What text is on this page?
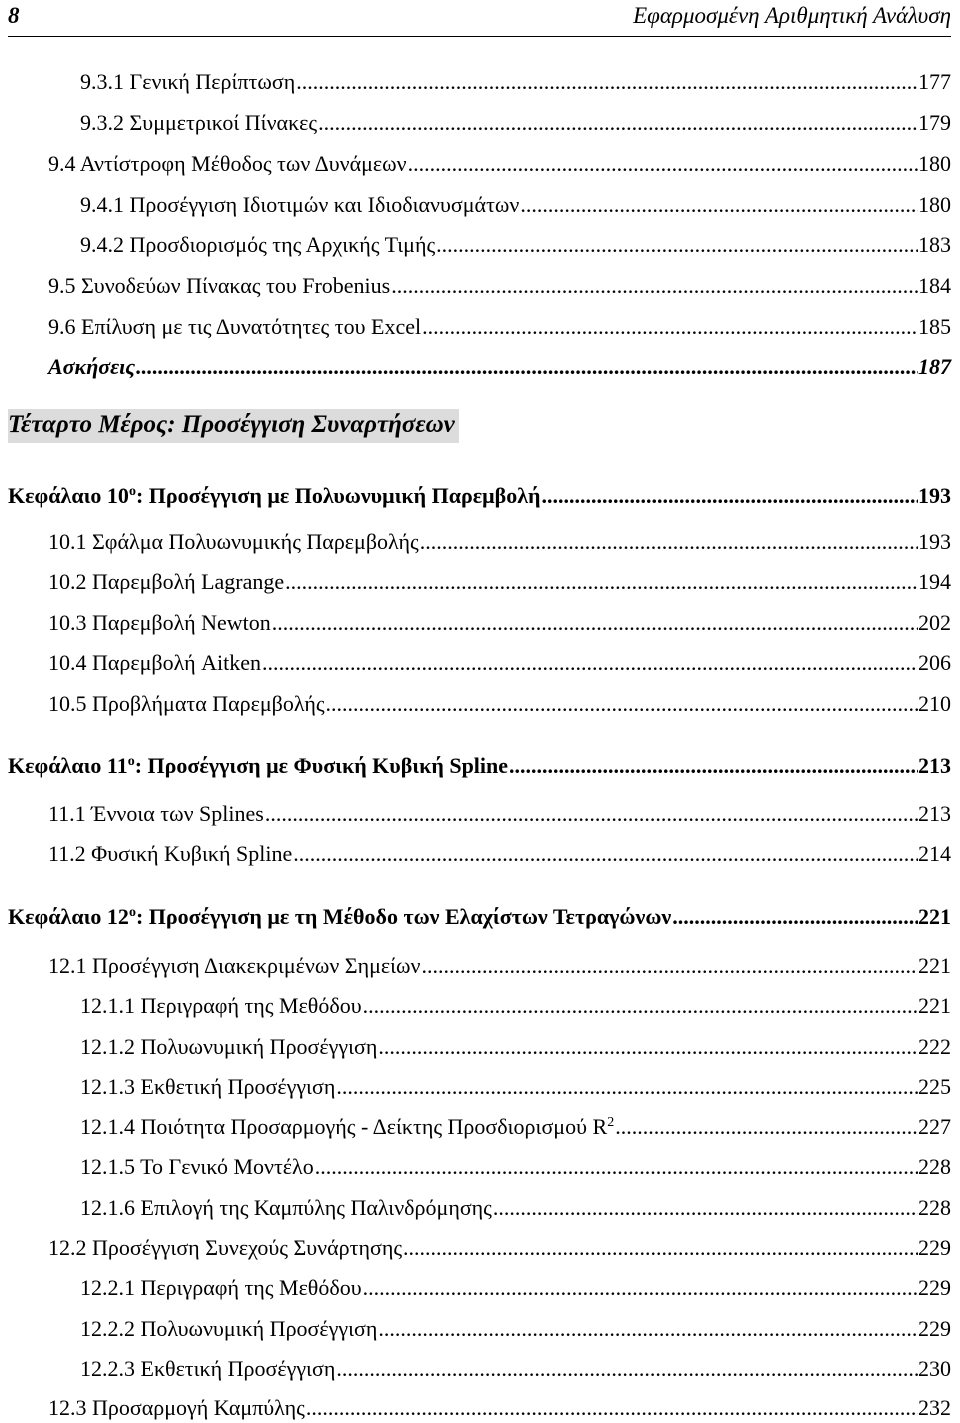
8	Εφαρμοσμένη Αριθμητική Ανάλυση
9.3.1 Γενική Περίπτωση .....	177
9.3.2 Συμμετρικοί Πίνακες .....	179
9.4 Αντίστροφη Μέθοδος των Δυνάμεων .....	180
9.4.1 Προσέγγιση Ιδιοτιμών και Ιδιοδιανυσμάτων .....	180
9.4.2 Προσδιορισμός της Αρχικής Τιμής .....	183
9.5 Συνοδεύων Πίνακας του Frobenius .....	184
9.6 Επίλυση με τις Δυνατότητες του Excel .....	185
Ασκήσεις .....	187
Τέταρτο Μέρος: Προσέγγιση Συναρτήσεων
Κεφάλαιο $10^o$: Προσέγγιση με Πολυωνυμική Παρεμβολή .....	193
10.1 Σφάλμα Πολυωνυμικής Παρεμβολής .....	193
10.2 Παρεμβολή Lagrange .....	194
10.3 Παρεμβολή Newton .....	202
10.4 Παρεμβολή Aitken .....	206
10.5 Προβλήματα Παρεμβολής .....	210
Κεφάλαιο $11^o$: Προσέγγιση με Φυσική Κυβική Spline .....	213
11.1 Έννοια των Splines .....	213
11.2 Φυσική Κυβική Spline .....	214
Κεφάλαιο $12^o$: Προσέγγιση με τη Μέθοδο των Ελαχίστων Τετραγώνων .....	221
12.1 Προσέγγιση Διακεκριμένων Σημείων .....	221
12.1.1 Περιγραφή της Μεθόδου .....	221
12.1.2 Πολυωνυμική Προσέγγιση .....	222
12.1.3 Εκθετική Προσέγγιση .....	225
12.1.4 Ποιότητα Προσαρμογής - Δείκτης Προσδιορισμού $R^2$ .....	227
12.1.5 Το Γενικό Μοντέλο .....	228
12.1.6 Επιλογή της Καμπύλης Παλινδρόμησης .....	228
12.2 Προσέγγιση Συνεχούς Συνάρτησης .....	229
12.2.1 Περιγραφή της Μεθόδου .....	229
12.2.2 Πολυωνυμική Προσέγγιση .....	229
12.2.3 Εκθετική Προσέγγιση .....	230
12.3 Προσαρμογή Καμπύλης .....	232
